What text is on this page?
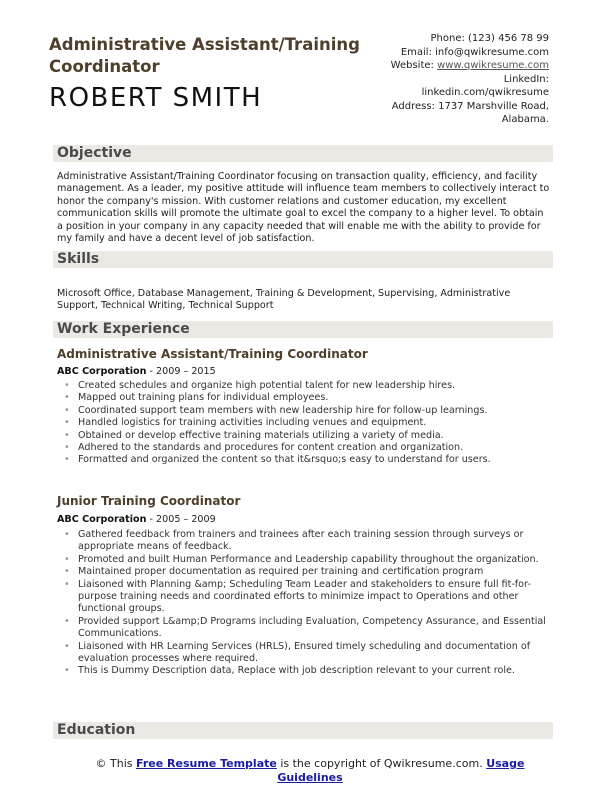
Administrative Assistant/Training Coordinator
ROBERT SMITH
Phone: (123) 456 78 99
Email: info@qwikresume.com
Website: www.qwikresume.com
LinkedIn:
linkedin.com/qwikresume
Address: 1737 Marshville Road, Alabama.
Objective
Administrative Assistant/Training Coordinator focusing on transaction quality, efficiency, and facility management. As a leader, my positive attitude will influence team members to collectively interact to honor the company's mission. With customer relations and customer education, my excellent communication skills will promote the ultimate goal to excel the company to a higher level. To obtain a position in your company in any capacity needed that will enable me with the ability to provide for my family and have a decent level of job satisfaction.
Skills
Microsoft Office, Database Management, Training & Development, Supervising, Administrative Support, Technical Writing, Technical Support
Work Experience
Administrative Assistant/Training Coordinator
ABC Corporation - 2009 – 2015
• Created schedules and organize high potential talent for new leadership hires.
• Mapped out training plans for individual employees.
• Coordinated support team members with new leadership hire for follow-up learnings.
• Handled logistics for training activities including venues and equipment.
• Obtained or develop effective training materials utilizing a variety of media.
• Adhered to the standards and procedures for content creation and organization.
• Formatted and organized the content so that it&rsquo;s easy to understand for users.
Junior Training Coordinator
ABC Corporation - 2005 – 2009
• Gathered feedback from trainers and trainees after each training session through surveys or appropriate means of feedback.
• Promoted and built Human Performance and Leadership capability throughout the organization.
• Maintained proper documentation as required per training and certification program
• Liaisoned with Planning &amp; Scheduling Team Leader and stakeholders to ensure full fit-for-purpose training needs and coordinated efforts to minimize impact to Operations and other functional groups.
• Provided support L&amp;D Programs including Evaluation, Competency Assurance, and Essential Communications.
• Liaisoned with HR Learning Services (HRLS), Ensured timely scheduling and documentation of evaluation processes where required.
• This is Dummy Description data, Replace with job description relevant to your current role.
Education
© This Free Resume Template is the copyright of Qwikresume.com. Usage Guidelines
